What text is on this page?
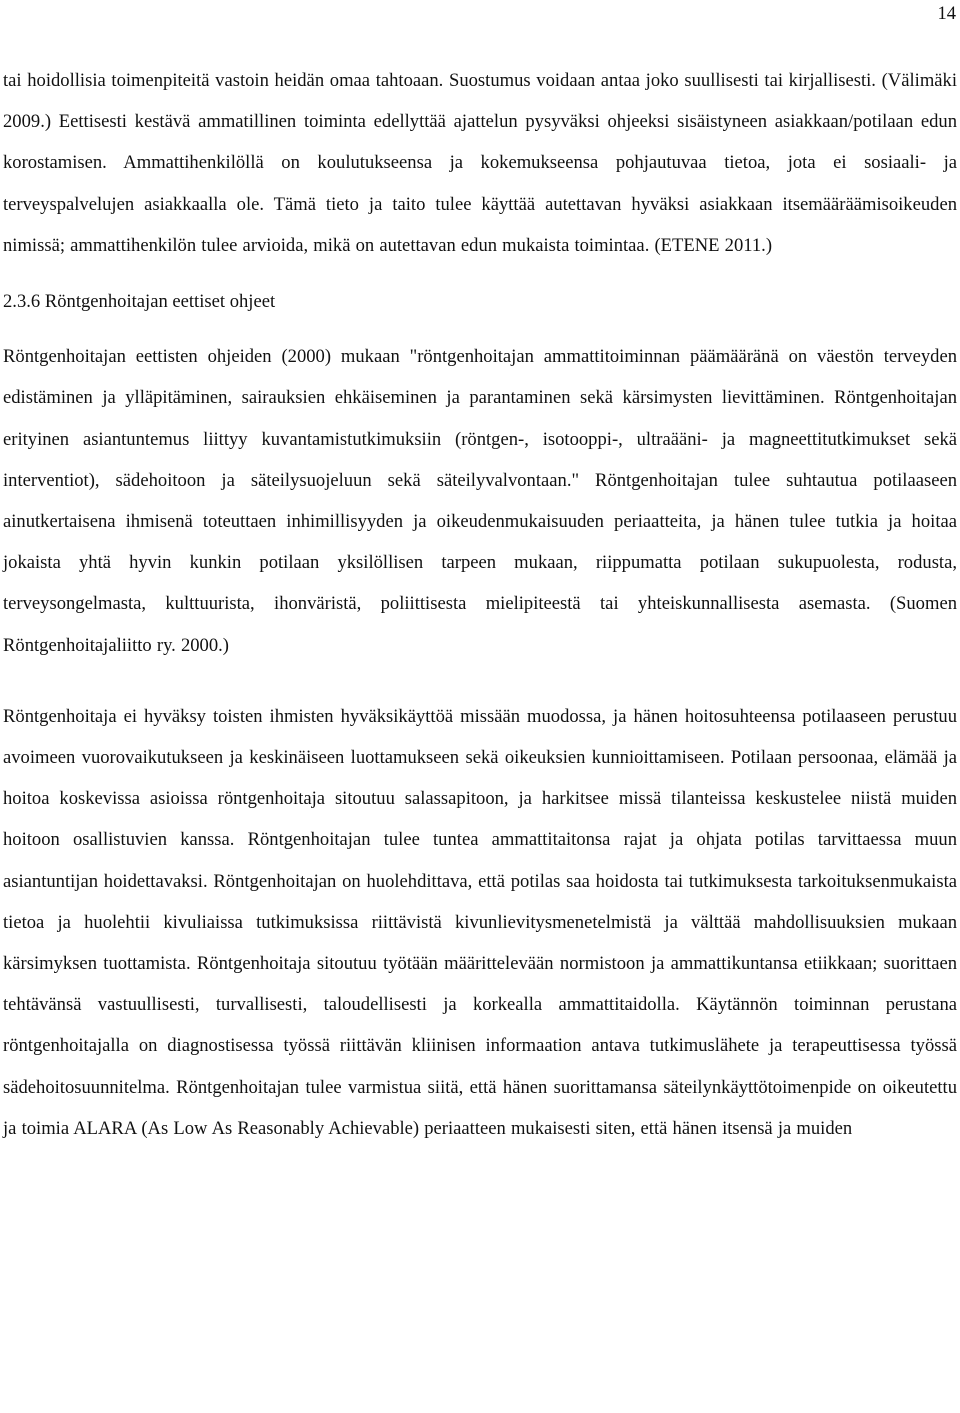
14

tai hoidollisia toimenpiteitä vastoin heidän omaa tahtoaan. Suostumus voidaan antaa joko suullisesti tai kirjallisesti. (Välimäki 2009.) Eettisesti kestävä ammatillinen toiminta edellyttää ajattelun pysyväksi ohjeeksi sisäistyneen asiakkaan/potilaan edun korostamisen. Ammattihenkilöllä on koulutukseensa ja kokemukseensa pohjautuvaa tietoa, jota ei sosiaali- ja terveyspalvelujen asiakkaalla ole. Tämä tieto ja taito tulee käyttää autettavan hyväksi asiakkaan itsemääräämisoikeuden nimissä; ammattihenkilön tulee arvioida, mikä on autettavan edun mukaista toimintaa. (ETENE 2011.)

2.3.6 Röntgenhoitajan eettiset ohjeet

Röntgenhoitajan eettisten ohjeiden (2000) mukaan "röntgenhoitajan ammattitoiminnan päämääränä on väestön terveyden edistäminen ja ylläpitäminen, sairauksien ehkäiseminen ja parantaminen sekä kärsimysten lievittäminen. Röntgenhoitajan erityinen asiantuntemus liittyy kuvantamistutkimuksiin (röntgen-, isotooppi-, ultraääni- ja magneettitutkimukset sekä interventiot), sädehoitoon ja säteilysuojeluun sekä säteilyvalvontaan." Röntgenhoitajan tulee suhtautua potilaaseen ainutkertaisena ihmisenä toteuttaen inhimillisyyden ja oikeudenmukaisuuden periaatteita, ja hänen tulee tutkia ja hoitaa jokaista yhtä hyvin kunkin potilaan yksilöllisen tarpeen mukaan, riippumatta potilaan sukupuolesta, rodusta, terveysongelmasta, kulttuurista, ihonväristä, poliittisesta mielipiteestä tai yhteiskunnallisesta asemasta. (Suomen Röntgenhoitajaliitto ry. 2000.)

Röntgenhoitaja ei hyväksy toisten ihmisten hyväksikäyttöä missään muodossa, ja hänen hoitosuhteensa potilaaseen perustuu avoimeen vuorovaikutukseen ja keskinäiseen luottamukseen sekä oikeuksien kunnioittamiseen. Potilaan persoonaa, elämää ja hoitoa koskevissa asioissa röntgenhoitaja sitoutuu salassapitoon, ja harkitsee missä tilanteissa keskustelee niistä muiden hoitoon osallistuvien kanssa. Röntgenhoitajan tulee tuntea ammattitaitonsa rajat ja ohjata potilas tarvittaessa muun asiantuntijan hoidettavaksi. Röntgenhoitajan on huolehdittava, että potilas saa hoidosta tai tutkimuksesta tarkoituksenmukaista tietoa ja huolehtii kivuliaissa tutkimuksissa riittävistä kivunlievitysmenetelmistä ja välttää mahdollisuuksien mukaan kärsimyksen tuottamista. Röntgenhoitaja sitoutuu työtään määrittelevään normistoon ja ammattikuntansa etiikkaan; suorittaen tehtävänsä vastuullisesti, turvallisesti, taloudellisesti ja korkealla ammattitaidolla. Käytännön toiminnan perustana röntgenhoitajalla on diagnostisessa työssä riittävän kliinisen informaation antava tutkimuslähete ja terapeuttisessa työssä sädehoitosuunnitelma. Röntgenhoitajan tulee varmistua siitä, että hänen suorittamansa säteilynkäyttötoimenpide on oikeutettu ja toimia ALARA (As Low As Reasonably Achievable) periaatteen mukaisesti siten, että hänen itsensä ja muiden
